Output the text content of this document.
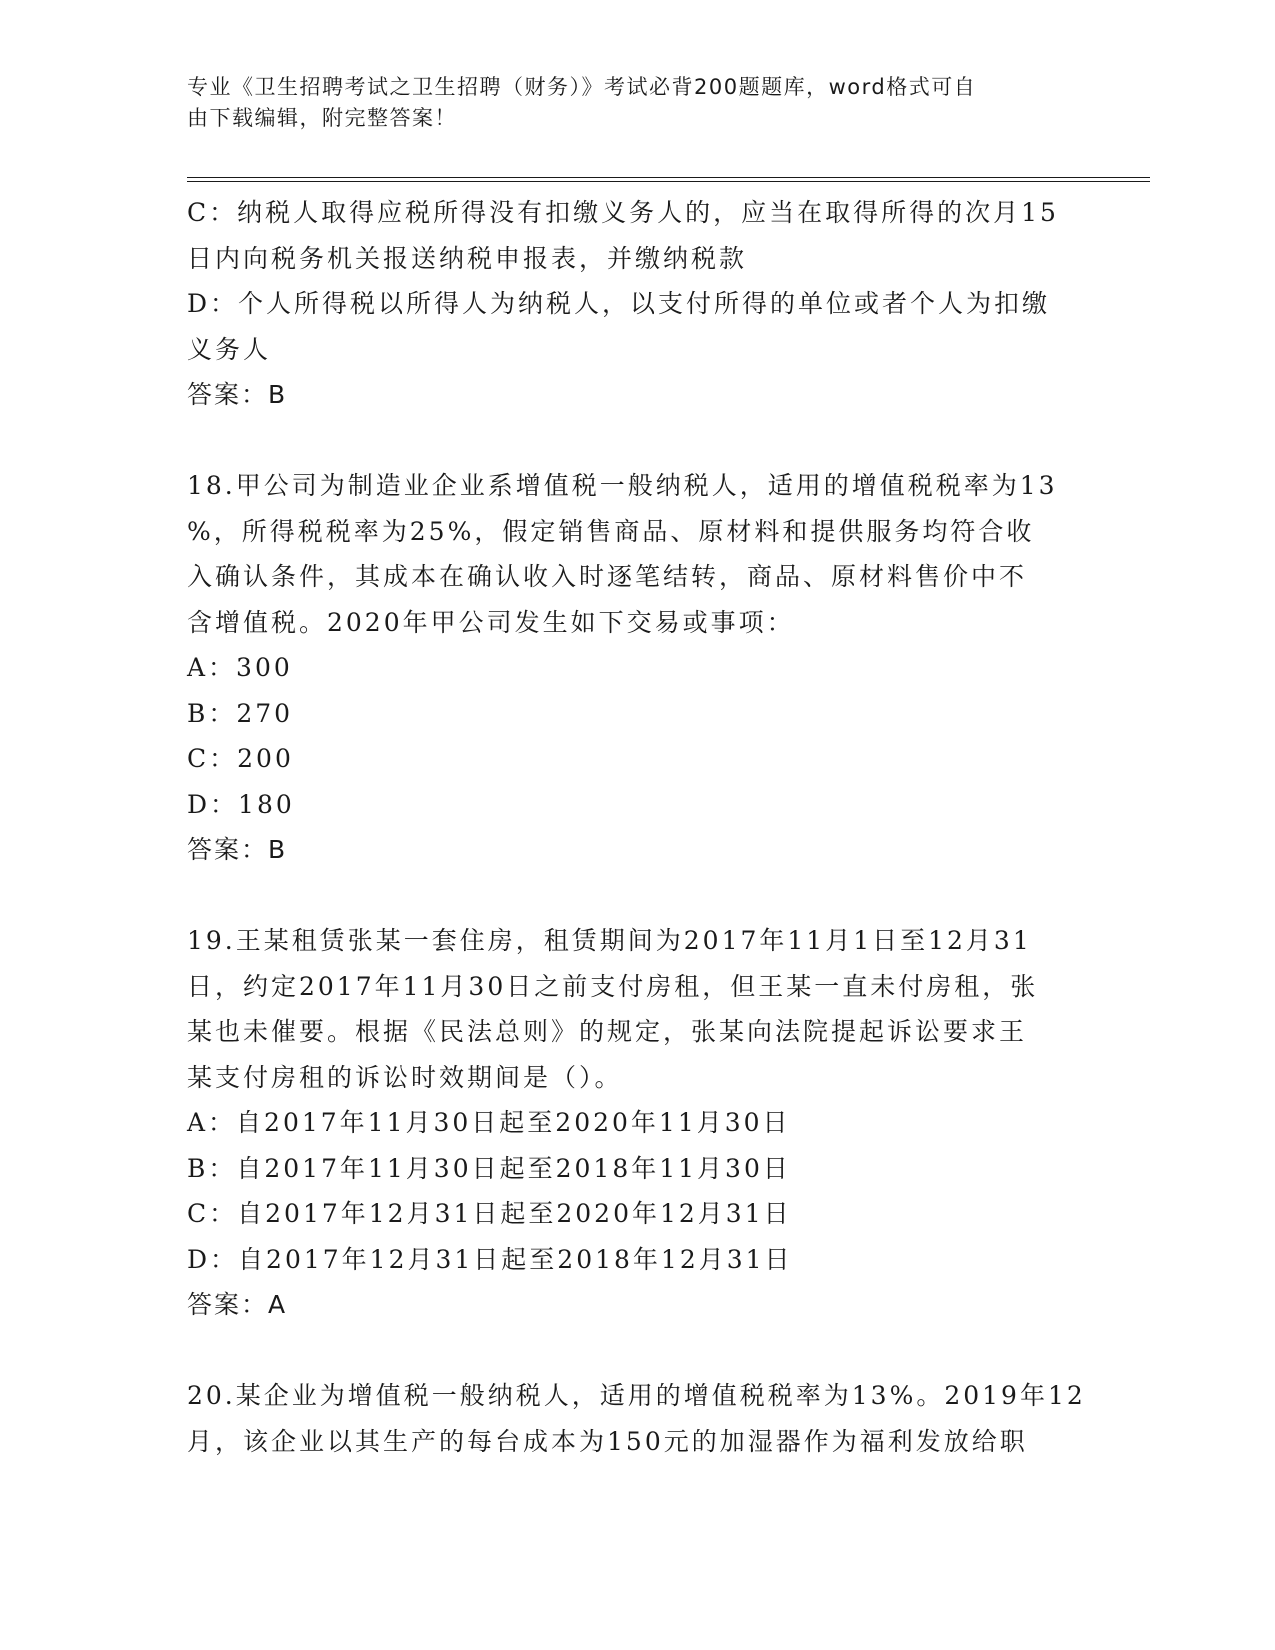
专业《卫生招聘考试之卫生招聘（财务）》考试必背200题题库，word格式可自
由下载编辑，附完整答案！
C：纳税人取得应税所得没有扣缴义务人的，应当在取得所得的次月15
日内向税务机关报送纳税申报表，并缴纳税款
D：个人所得税以所得人为纳税人，以支付所得的单位或者个人为扣缴
义务人
答案：B
18.甲公司为制造业企业系增值税一般纳税人，适用的增值税税率为13
%，所得税税率为25%，假定销售商品、原材料和提供服务均符合收
入确认条件，其成本在确认收入时逐笔结转，商品、原材料售价中不
含增值税。2020年甲公司发生如下交易或事项：
A：300
B：270
C：200
D：180
答案：B
19.王某租赁张某一套住房，租赁期间为2017年11月1日至12月31
日，约定2017年11月30日之前支付房租，但王某一直未付房租，张
某也未催要。根据《民法总则》的规定，张某向法院提起诉讼要求王
某支付房租的诉讼时效期间是（）。
A：自2017年11月30日起至2020年11月30日
B：自2017年11月30日起至2018年11月30日
C：自2017年12月31日起至2020年12月31日
D：自2017年12月31日起至2018年12月31日
答案：A
20.某企业为增值税一般纳税人，适用的增值税税率为13%。2019年12
月，该企业以其生产的每台成本为150元的加湿器作为福利发放给职
